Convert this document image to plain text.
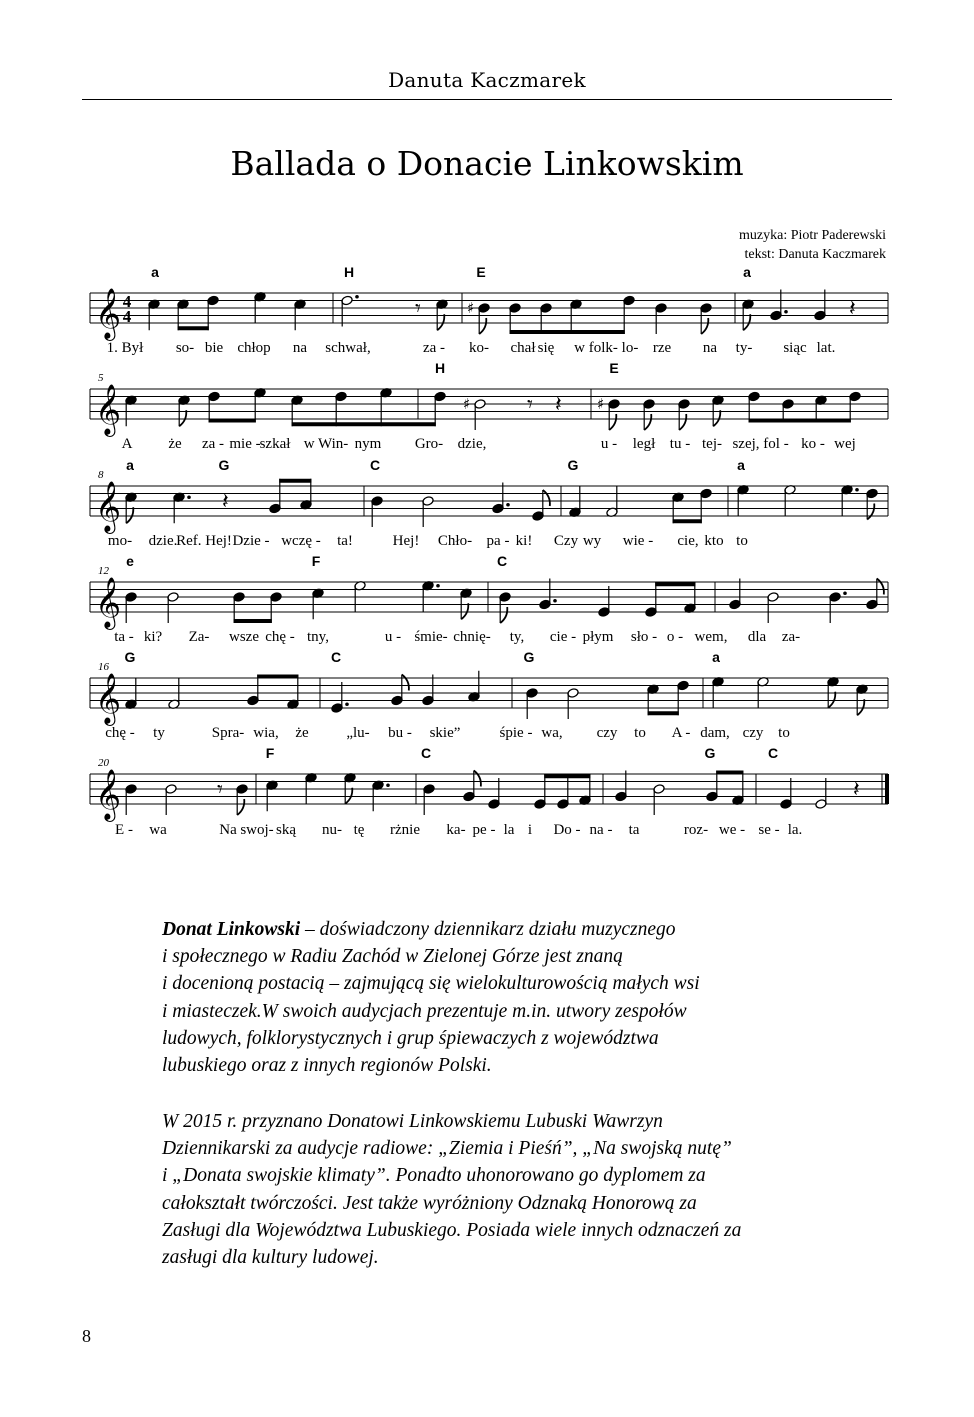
Danuta Kaczmarek
Ballada o Donacie Linkowskim
muzyka: Piotr Paderewski
tekst: Danuta Kaczmarek
𝄞 4
4
a	H	E	a
1. Był so- bie chłop na schwał,	za - ko- chał się w folk- lo- rze na ty- siąc lat.
𝄞
5
H	E
A że za - mie -
szkał w Win- nym Gro- dzie,	u - legł tu - tej- szej, fol - ko - wej
𝄞
8
a	G	C	G	a
mo- dzie.
Ref. Hej! Dzie - wczę - ta!	Hej! Chło- pa - ki! Czy wy wie - cie, kto to
𝄞
12
e	F	C
ta - ki? Za- wsze chę - tny,	u - śmie- chnię- ty, cie - płym sło - o - wem, dla za-
𝄞
16
G	C	G	a
chę - ty	Spra- wia, że	„lu- bu - skie”	śpie - wa, czy to A - dam, czy to
𝄞
20
F	C	G	C
E - wa	Na swoj- ską nu- tę rżnie ka- pe - la i Do - na - ta	roz- we - se - la.
𝄾	♯	𝄽
♯	𝄾 𝄽 ♯
𝄽
𝄾	𝄽

Donat Linkowski – doświadczony dziennikarz działu muzycznego
i społecznego w Radiu Zachód w Zielonej Górze jest znaną
i docenioną postacią – zajmującą się wielokulturowością małych wsi
i miasteczek.W swoich audycjach prezentuje m.in. utwory zespołów
ludowych, folklorystycznych i grup śpiewaczych z województwa
lubuskiego oraz z innych regionów Polski.

W 2015 r. przyznano Donatowi Linkowskiemu Lubuski Wawrzyn
Dziennikarski za audycje radiowe: „Ziemia i Pieśń”, „Na swojską nutę”
i „Donata swojskie klimaty”. Ponadto uhonorowano go dyplomem za
całokształt twórczości. Jest także wyróżniony Odznaką Honorową za
Zasługi dla Województwa Lubuskiego. Posiada wiele innych odznaczeń za
zasługi dla kultury ludowej.

8
